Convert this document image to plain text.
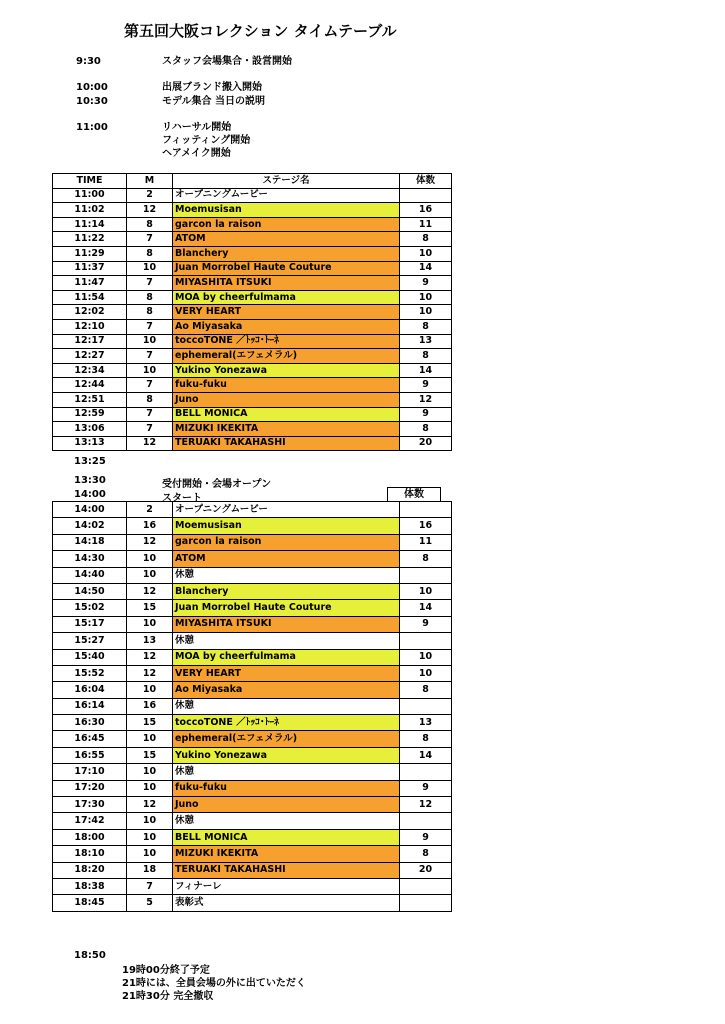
第五回大阪コレクション タイムテーブル
9:30	スタッフ会場集合・設営開始
10:00	出展ブランド搬入開始
10:30	モデル集合 当日の説明
11:00	リハーサル開始
フィッティング開始
ヘアメイク開始
TIME	M	ステージ名	体数
11:00	2	オープニングムービー	
11:02	12	Moemusisan	16
11:14	8	garcon la raison	11
11:22	7	ATOM	8
11:29	8	Blanchery	10
11:37	10	Juan Morrobel Haute Couture	14
11:47	7	MIYASHITA ITSUKI	9
11:54	8	MOA by cheerfulmama	10
12:02	8	VERY HEART	10
12:10	7	Ao Miyasaka	8
12:17	10	toccoTONE ／ﾄｯｺ･ﾄｰﾈ	13
12:27	7	ephemeral(エフェメラル)	8
12:34	10	Yukino Yonezawa	14
12:44	7	fuku-fuku	9
12:51	8	Juno	12
12:59	7	BELL MONICA	9
13:06	7	MIZUKI IKEKITA	8
13:13	12	TERUAKI TAKAHASHI	20
13:25
13:30	受付開始・会場オープン
14:00	スタート	体数
14:00	2	オープニングムービー	
14:02	16	Moemusisan	16
14:18	12	garcon la raison	11
14:30	10	ATOM	8
14:40	10	休憩	
14:50	12	Blanchery	10
15:02	15	Juan Morrobel Haute Couture	14
15:17	10	MIYASHITA ITSUKI	9
15:27	13	休憩	
15:40	12	MOA by cheerfulmama	10
15:52	12	VERY HEART	10
16:04	10	Ao Miyasaka	8
16:14	16	休憩	
16:30	15	toccoTONE ／ﾄｯｺ･ﾄｰﾈ	13
16:45	10	ephemeral(エフェメラル)	8
16:55	15	Yukino Yonezawa	14
17:10	10	休憩	
17:20	10	fuku-fuku	9
17:30	12	Juno	12
17:42	10	休憩	
18:00	10	BELL MONICA	9
18:10	10	MIZUKI IKEKITA	8
18:20	18	TERUAKI TAKAHASHI	20
18:38	7	フィナーレ	
18:45	5	表彰式	
18:50
19時00分終了予定
21時には、全員会場の外に出ていただく
21時30分 完全撤収
